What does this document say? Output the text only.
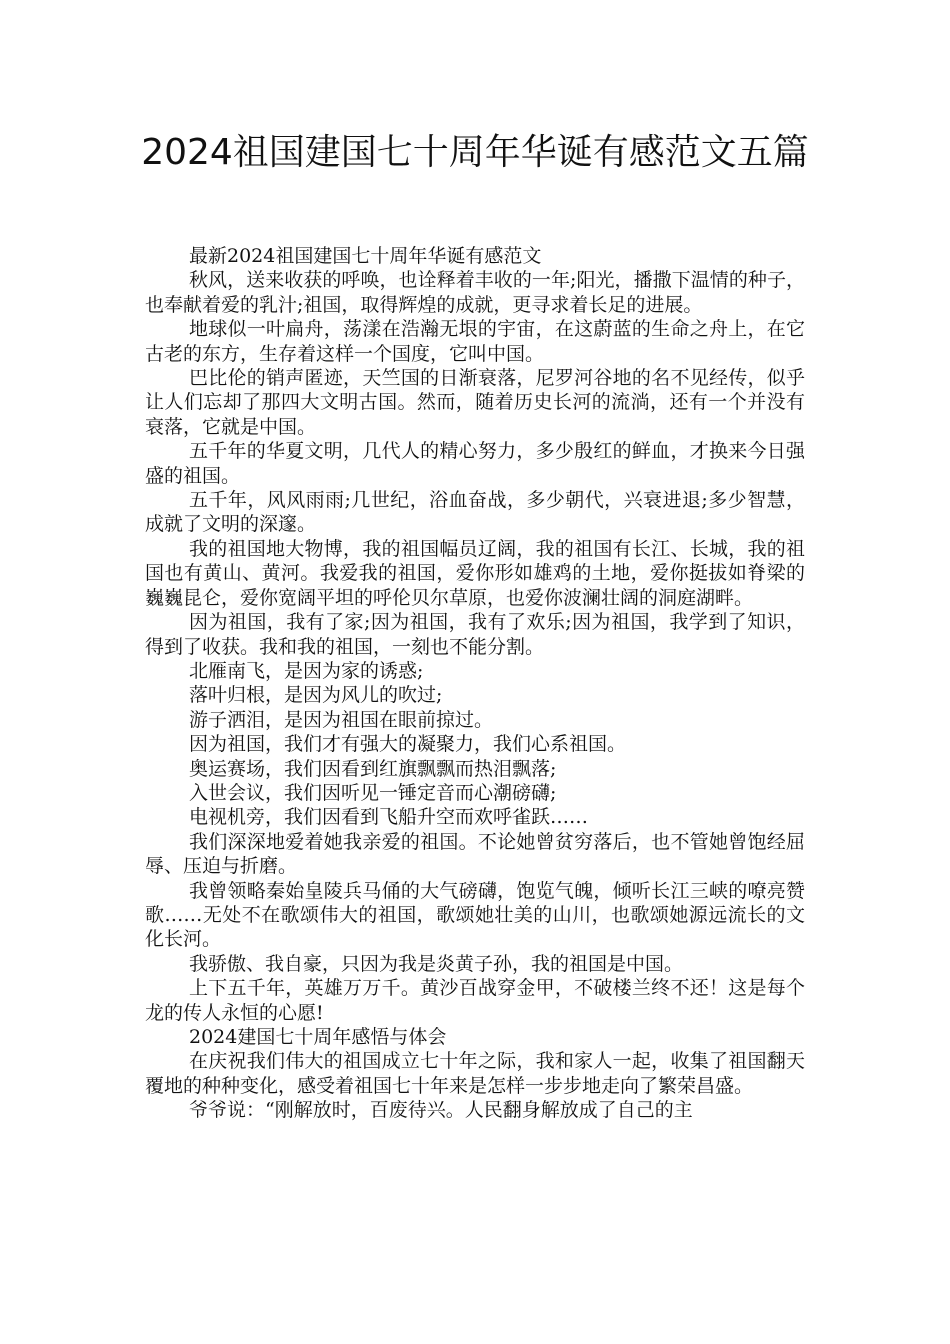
2024祖国建国七十周年华诞有感范文五篇

最新2024祖国建国七十周年华诞有感范文

秋风，送来收获的呼唤，也诠释着丰收的一年;阳光，播撒下温情的种子，也奉献着爱的乳汁;祖国，取得辉煌的成就，更寻求着长足的进展。

地球似一叶扁舟，荡漾在浩瀚无垠的宇宙，在这蔚蓝的生命之舟上，在它古老的东方，生存着这样一个国度，它叫中国。

巴比伦的销声匿迹，天竺国的日渐衰落，尼罗河谷地的名不见经传，似乎让人们忘却了那四大文明古国。然而，随着历史长河的流淌，还有一个并没有衰落，它就是中国。

五千年的华夏文明，几代人的精心努力，多少殷红的鲜血，才换来今日强盛的祖国。

五千年，风风雨雨;几世纪，浴血奋战，多少朝代，兴衰进退;多少智慧，成就了文明的深邃。

我的祖国地大物博，我的祖国幅员辽阔，我的祖国有长江、长城，我的祖国也有黄山、黄河。我爱我的祖国，爱你形如雄鸡的土地，爱你挺拔如脊梁的巍巍昆仑，爱你宽阔平坦的呼伦贝尔草原，也爱你波澜壮阔的洞庭湖畔。

因为祖国，我有了家;因为祖国，我有了欢乐;因为祖国，我学到了知识，得到了收获。我和我的祖国，一刻也不能分割。

北雁南飞，是因为家的诱惑;

落叶归根，是因为风儿的吹过;

游子洒泪，是因为祖国在眼前掠过。

因为祖国，我们才有强大的凝聚力，我们心系祖国。

奥运赛场，我们因看到红旗飘飘而热泪飘落;

入世会议，我们因听见一锤定音而心潮磅礴;

电视机旁，我们因看到飞船升空而欢呼雀跃……

我们深深地爱着她我亲爱的祖国。不论她曾贫穷落后，也不管她曾饱经屈辱、压迫与折磨。

我曾领略秦始皇陵兵马俑的大气磅礴，饱览气魄，倾听长江三峡的嘹亮赞歌……无处不在歌颂伟大的祖国，歌颂她壮美的山川，也歌颂她源远流长的文化长河。

我骄傲、我自豪，只因为我是炎黄子孙，我的祖国是中国。

上下五千年，英雄万万千。黄沙百战穿金甲，不破楼兰终不还！这是每个龙的传人永恒的心愿!

2024建国七十周年感悟与体会

在庆祝我们伟大的祖国成立七十年之际，我和家人一起，收集了祖国翻天覆地的种种变化，感受着祖国七十年来是怎样一步步地走向了繁荣昌盛。

爷爷说：“刚解放时，百废待兴。人民翻身解放成了自己的主
